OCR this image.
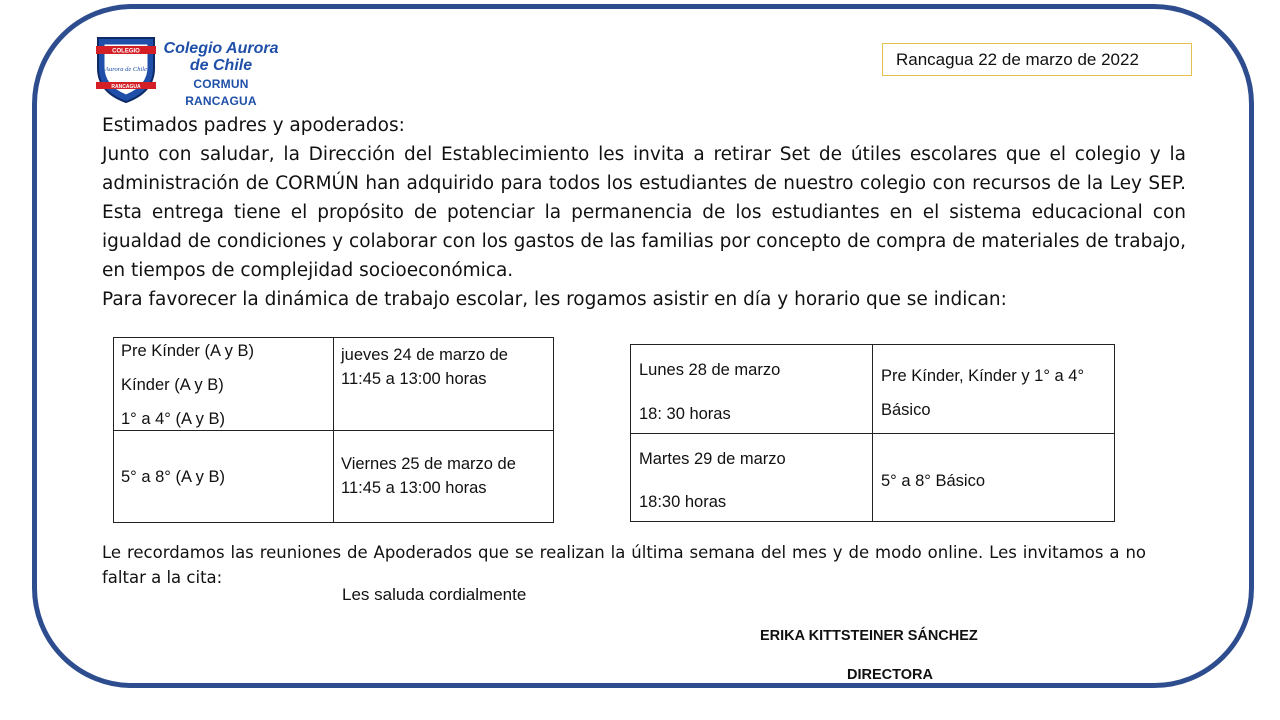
COLEGIO
Aurora de Chile
RANCAGUA
Colegio Aurora
de Chile
CORMUN RANCAGUA
Rancagua 22 de marzo de 2022

Estimados padres y apoderados:

Junto con saludar, la Dirección del Establecimiento les invita a retirar Set de útiles escolares que el colegio y la administración de CORMÚN han adquirido para todos los estudiantes de nuestro colegio con recursos de la Ley SEP. Esta entrega tiene el propósito de potenciar la permanencia de los estudiantes en el sistema educacional con igualdad de condiciones y colaborar con los gastos de las familias por concepto de compra de materiales de trabajo, en tiempos de complejidad socioeconómica.

Para favorecer la dinámica de trabajo escolar, les rogamos asistir en día y horario que se indican:

Pre Kínder (A y B)
Kínder (A y B)
1° a 4° (A y B)	jueves 24 de marzo de
11:45 a 13:00 horas

5° a 8° (A y B)	Viernes 25 de marzo de
11:45 a 13:00 horas
Lunes 28 de marzo
18: 30 horas	Pre Kínder, Kínder y 1° a 4°
Básico

Martes 29 de marzo
18:30 horas	5° a 8° Básico

Le recordamos las reuniones de Apoderados que se realizan la última semana del mes y de modo online. Les invitamos a no faltar a la cita:

Les saluda cordialmente
ERIKA KITTSTEINER SÁNCHEZ
DIRECTORA
